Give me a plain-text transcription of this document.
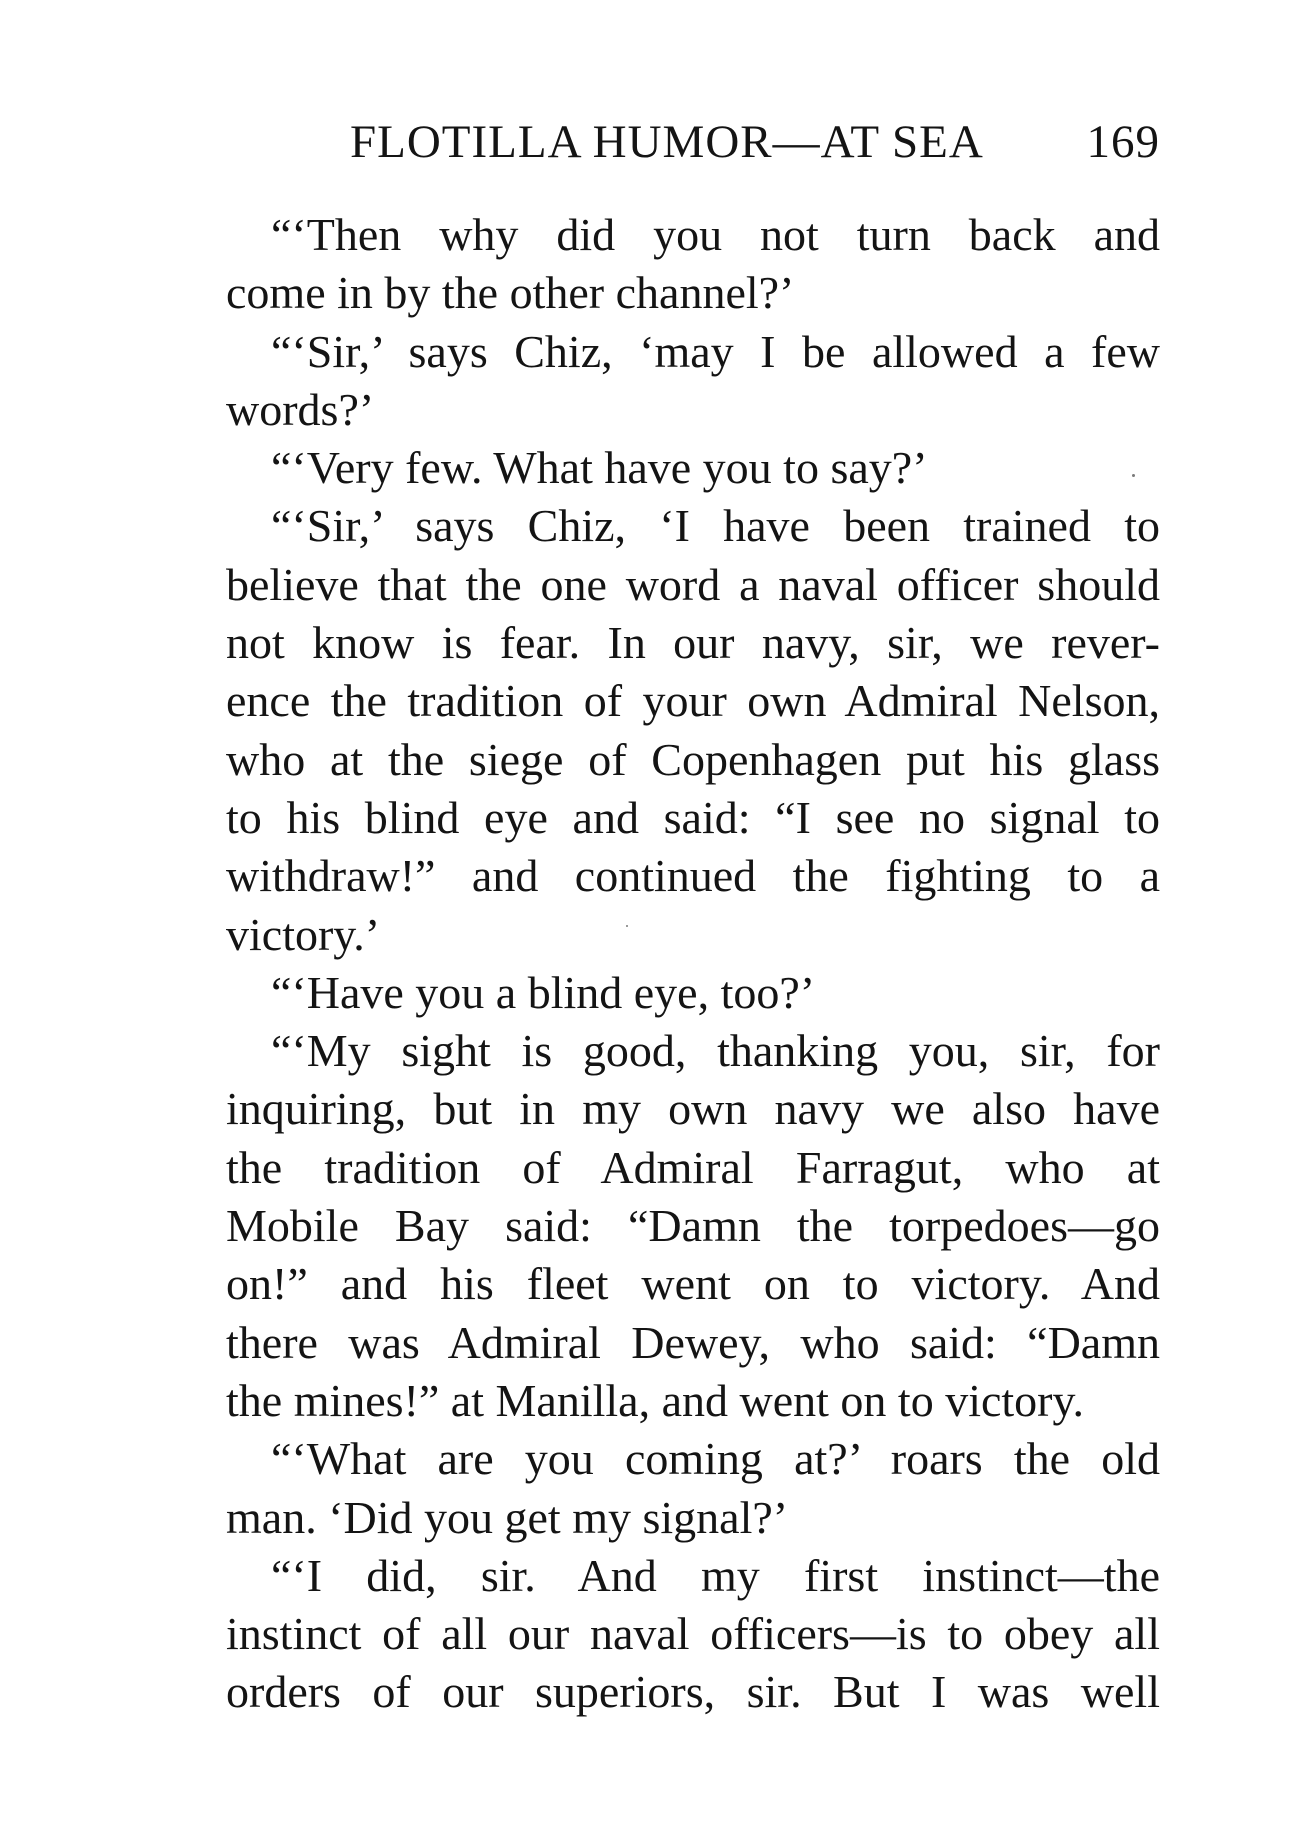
FLOTILLA HUMOR—AT SEA 169
“‘Then why did you not turn back and
come in by the other channel?’
“‘Sir,’ says Chiz, ‘may I be allowed a few
words?’
“‘Very few. What have you to say?’
“‘Sir,’ says Chiz, ‘I have been trained to
believe that the one word a naval officer should
not know is fear. In our navy, sir, we rever-
ence the tradition of your own Admiral Nelson,
who at the siege of Copenhagen put his glass
to his blind eye and said: “I see no signal to
withdraw!” and continued the fighting to a
victory.’
“‘Have you a blind eye, too?’
“‘My sight is good, thanking you, sir, for
inquiring, but in my own navy we also have
the tradition of Admiral Farragut, who at
Mobile Bay said: “Damn the torpedoes—go
on!” and his fleet went on to victory. And
there was Admiral Dewey, who said: “Damn
the mines!” at Manilla, and went on to victory.
“‘What are you coming at?’ roars the old
man. ‘Did you get my signal?’
“‘I did, sir. And my first instinct—the
instinct of all our naval officers—is to obey all
orders of our superiors, sir. But I was well
